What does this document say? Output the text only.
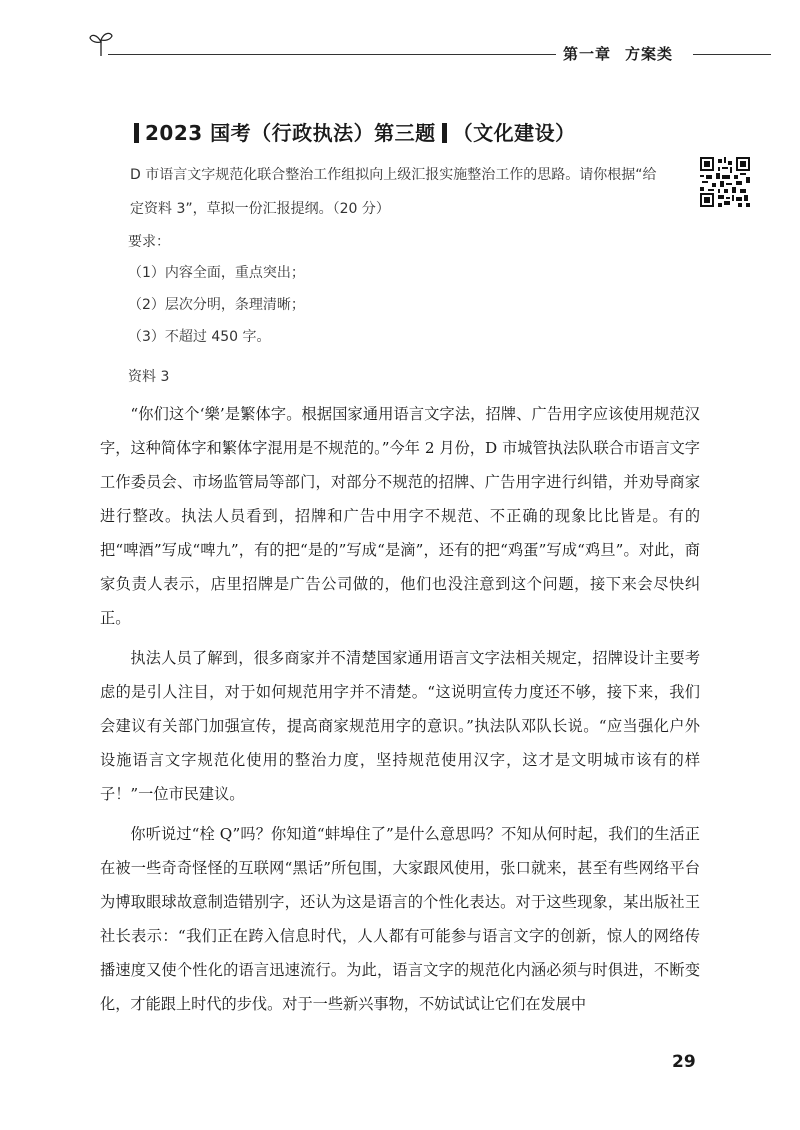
第一章 方案类
2023 国考（行政执法）第三题 （文化建设）

D 市语言文字规范化联合整治工作组拟向上级汇报实施整治工作的思路。请你根据“给

定资料 3”，草拟一份汇报提纲。（20 分）

要求：
（1）内容全面，重点突出；
（2）层次分明，条理清晰；
（3）不超过 450 字。
资料 3

“你们这个‘樂’是繁体字。根据国家通用语言文字法，招牌、广告用字应该使用规范汉字，这种简体字和繁体字混用是不规范的。”今年 2 月份，D 市城管执法队联合市语言文字工作委员会、市场监管局等部门，对部分不规范的招牌、广告用字进行纠错，并劝导商家进行整改。执法人员看到，招牌和广告中用字不规范、不正确的现象比比皆是。有的把“啤酒”写成“啤九”，有的把“是的”写成“是滴”，还有的把“鸡蛋”写成“鸡旦”。对此，商家负责人表示，店里招牌是广告公司做的，他们也没注意到这个问题，接下来会尽快纠正。

执法人员了解到，很多商家并不清楚国家通用语言文字法相关规定，招牌设计主要考虑的是引人注目，对于如何规范用字并不清楚。“这说明宣传力度还不够，接下来，我们会建议有关部门加强宣传，提高商家规范用字的意识。”执法队邓队长说。“应当强化户外设施语言文字规范化使用的整治力度，坚持规范使用汉字，这才是文明城市该有的样子！”一位市民建议。

你听说过“栓 Q”吗？你知道“蚌埠住了”是什么意思吗？不知从何时起，我们的生活正在被一些奇奇怪怪的互联网“黑话”所包围，大家跟风使用，张口就来，甚至有些网络平台为博取眼球故意制造错别字，还认为这是语言的个性化表达。对于这些现象，某出版社王社长表示：“我们正在跨入信息时代，人人都有可能参与语言文字的创新，惊人的网络传播速度又使个性化的语言迅速流行。为此，语言文字的规范化内涵必须与时俱进，不断变化，才能跟上时代的步伐。对于一些新兴事物，不妨试试让它们在发展中

29
